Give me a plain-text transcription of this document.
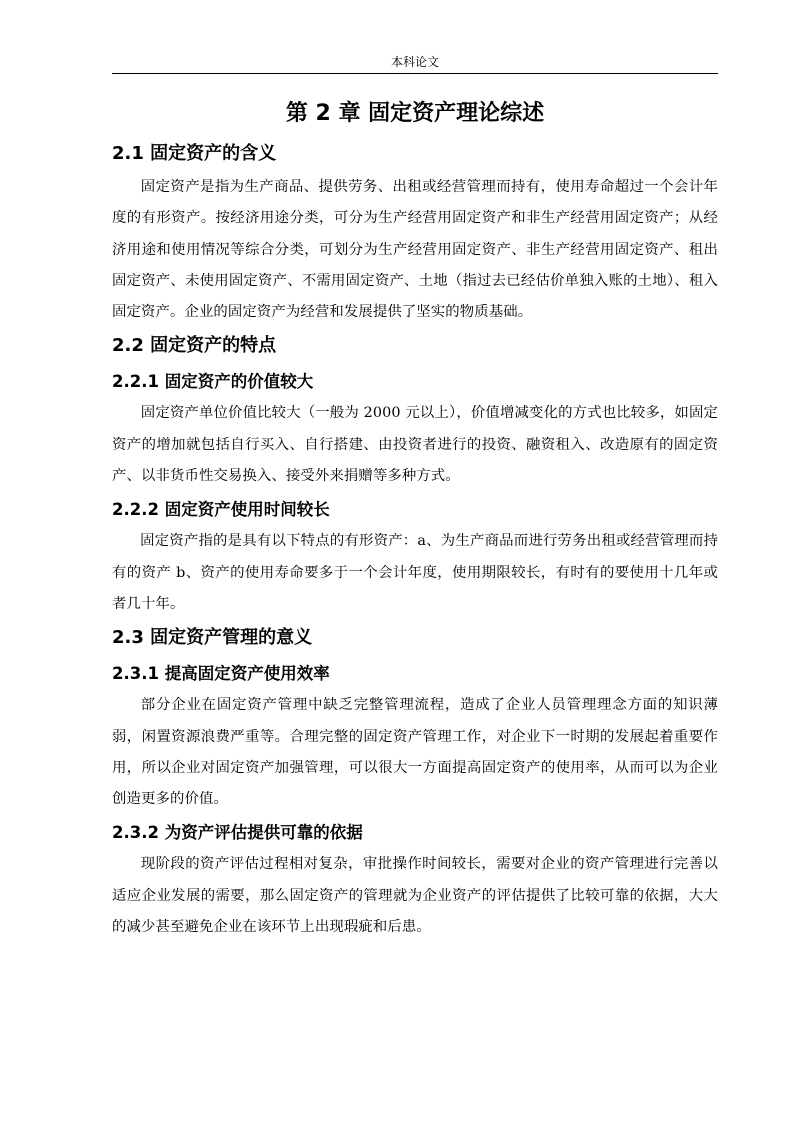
本科论文
第 2 章 固定资产理论综述
2.1 固定资产的含义

固定资产是指为生产商品、提供劳务、出租或经营管理而持有，使用寿命超过一个会计年度的有形资产。按经济用途分类，可分为生产经营用固定资产和非生产经营用固定资产；从经济用途和使用情况等综合分类，可划分为生产经营用固定资产、非生产经营用固定资产、租出固定资产、未使用固定资产、不需用固定资产、土地（指过去已经估价单独入账的土地）、租入固定资产。企业的固定资产为经营和发展提供了坚实的物质基础。

2.2 固定资产的特点
2.2.1 固定资产的价值较大

固定资产单位价值比较大（一般为 2000 元以上），价值增减变化的方式也比较多，如固定资产的增加就包括自行买入、自行搭建、由投资者进行的投资、融资租入、改造原有的固定资产、以非货币性交易换入、接受外来捐赠等多种方式。

2.2.2 固定资产使用时间较长

固定资产指的是具有以下特点的有形资产：a、为生产商品而进行劳务出租或经营管理而持有的资产 b、资产的使用寿命要多于一个会计年度，使用期限较长，有时有的要使用十几年或者几十年。

2.3 固定资产管理的意义
2.3.1 提高固定资产使用效率

部分企业在固定资产管理中缺乏完整管理流程，造成了企业人员管理理念方面的知识薄弱，闲置资源浪费严重等。合理完整的固定资产管理工作，对企业下一时期的发展起着重要作用，所以企业对固定资产加强管理，可以很大一方面提高固定资产的使用率，从而可以为企业创造更多的价值。

2.3.2 为资产评估提供可靠的依据

现阶段的资产评估过程相对复杂，审批操作时间较长，需要对企业的资产管理进行完善以适应企业发展的需要，那么固定资产的管理就为企业资产的评估提供了比较可靠的依据，大大的减少甚至避免企业在该环节上出现瑕疵和后患。
